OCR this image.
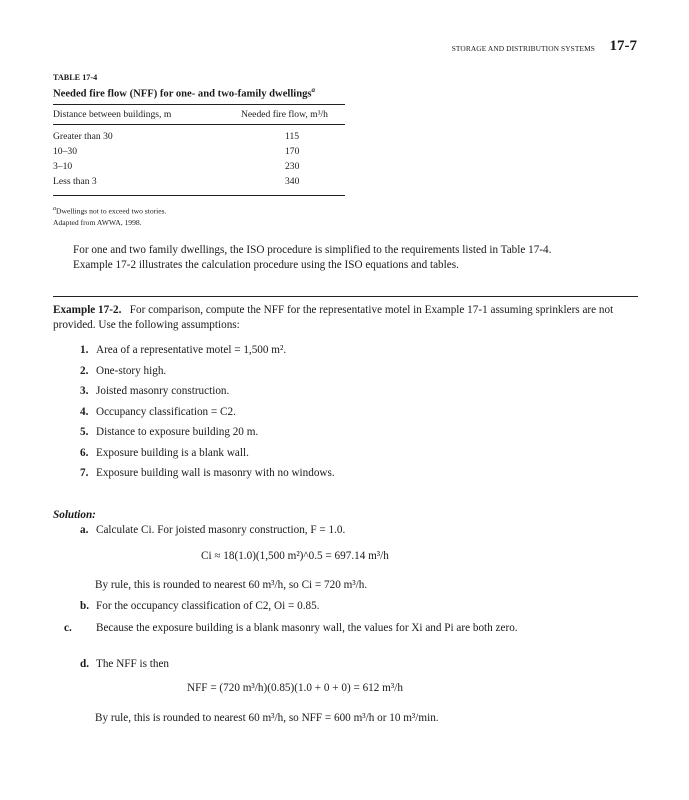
STORAGE AND DISTRIBUTION SYSTEMS 17-7
TABLE 17-4
Needed fire flow (NFF) for one- and two-family dwellings$^a$
Distance between buildings, m	Needed fire flow, m³/h
Greater than 30	115
10–30	170
3–10	230
Less than 3	340
$^a$Dwellings not to exceed two stories.
Adapted from AWWA, 1998.

For one and two family dwellings, the ISO procedure is simplified to the requirements listed in Table 17-4.

Example 17-2 illustrates the calculation procedure using the ISO equations and tables.

Example 17-2. For comparison, compute the NFF for the representative motel in Example 17-1 assuming sprinklers are not provided. Use the following assumptions:

1. Area of a representative motel = 1,500 m².
2. One-story high.
3. Joisted masonry construction.
4. Occupancy classification = C2.
5. Distance to exposure building 20 m.
6. Exposure building is a blank wall.
7. Exposure building wall is masonry with no windows.
Solution:
a. Calculate Ci. For joisted masonry construction, F = 1.0.
Ci ≈ 18(1.0)(1,500 m²)^0.5 = 697.14 m³/h
By rule, this is rounded to nearest 60 m³/h, so Ci = 720 m³/h.
b. For the occupancy classification of C2, Oi = 0.85.
c. Because the exposure building is a blank masonry wall, the values for Xi and Pi are both zero.
d. The NFF is then
NFF = (720 m³/h)(0.85)(1.0 + 0 + 0) = 612 m³/h
By rule, this is rounded to nearest 60 m³/h, so NFF = 600 m³/h or 10 m³/min.
